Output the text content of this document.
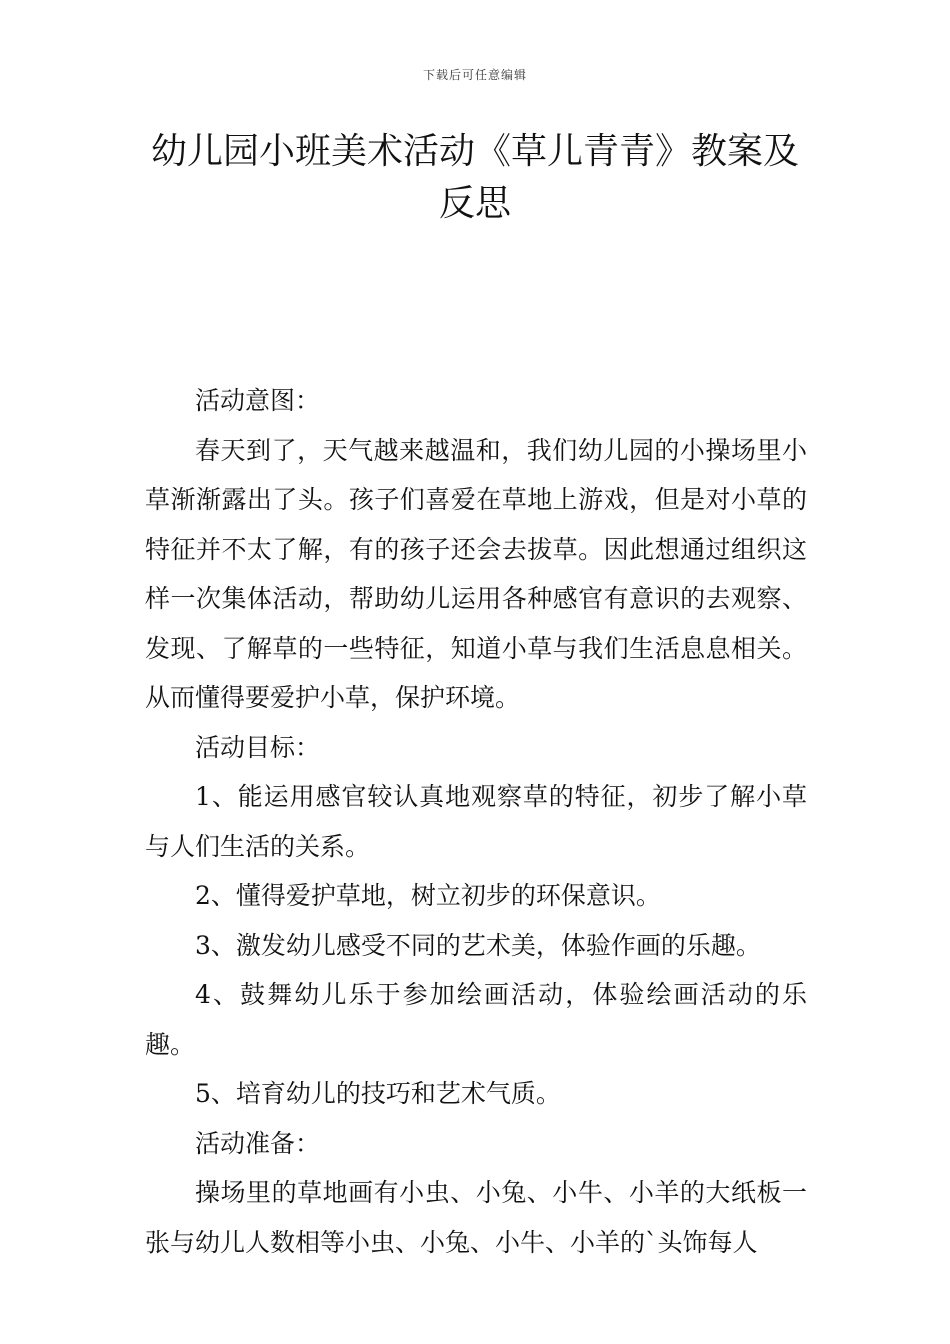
下载后可任意编辑
幼儿园小班美术活动《草儿青青》教案及反思

活动意图：

春天到了，天气越来越温和，我们幼儿园的小操场里小草渐渐露出了头。孩子们喜爱在草地上游戏，但是对小草的特征并不太了解，有的孩子还会去拔草。因此想通过组织这样一次集体活动，帮助幼儿运用各种感官有意识的去观察、发现、了解草的一些特征，知道小草与我们生活息息相关。从而懂得要爱护小草，保护环境。

活动目标：

1、能运用感官较认真地观察草的特征，初步了解小草与人们生活的关系。

2、懂得爱护草地，树立初步的环保意识。

3、激发幼儿感受不同的艺术美，体验作画的乐趣。

4、鼓舞幼儿乐于参加绘画活动，体验绘画活动的乐趣。

5、培育幼儿的技巧和艺术气质。

活动准备：

操场里的草地画有小虫、小兔、小牛、小羊的大纸板一张与幼儿人数相等小虫、小兔、小牛、小羊的`头饰每人
